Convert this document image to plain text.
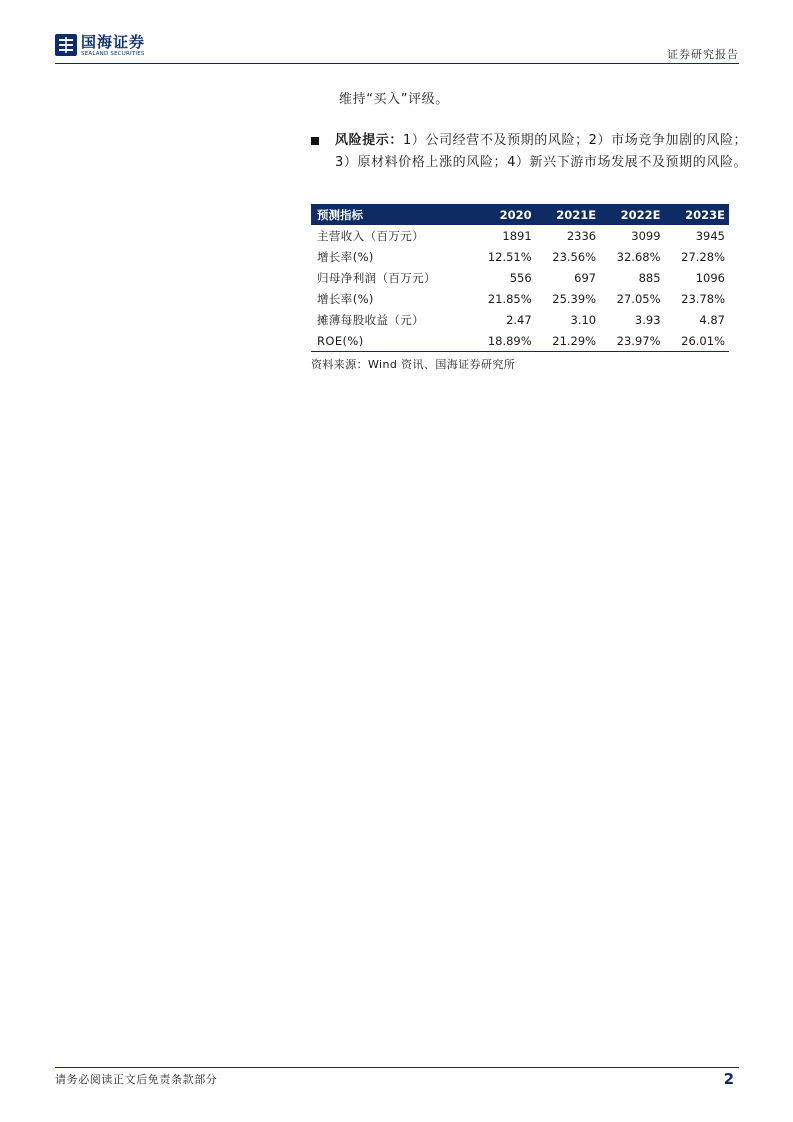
国海证券
SEALAND SECURITIES	证券研究报告
维持“买入”评级。
风险提示：1）公司经营不及预期的风险；2）市场竞争加剧的风险；
3）原材料价格上涨的风险；4）新兴下游市场发展不及预期的风险。
预测指标	2020	2021E	2022E	2023E
主营收入（百万元）	1891	2336	3099	3945
增长率(%)	12.51%	23.56%	32.68%	27.28%
归母净利润（百万元）	556	697	885	1096
增长率(%)	21.85%	25.39%	27.05%	23.78%
摊薄每股收益（元）	2.47	3.10	3.93	4.87
ROE(%)	18.89%	21.29%	23.97%	26.01%
资料来源：Wind 资讯、国海证券研究所
请务必阅读正文后免责条款部分	2
